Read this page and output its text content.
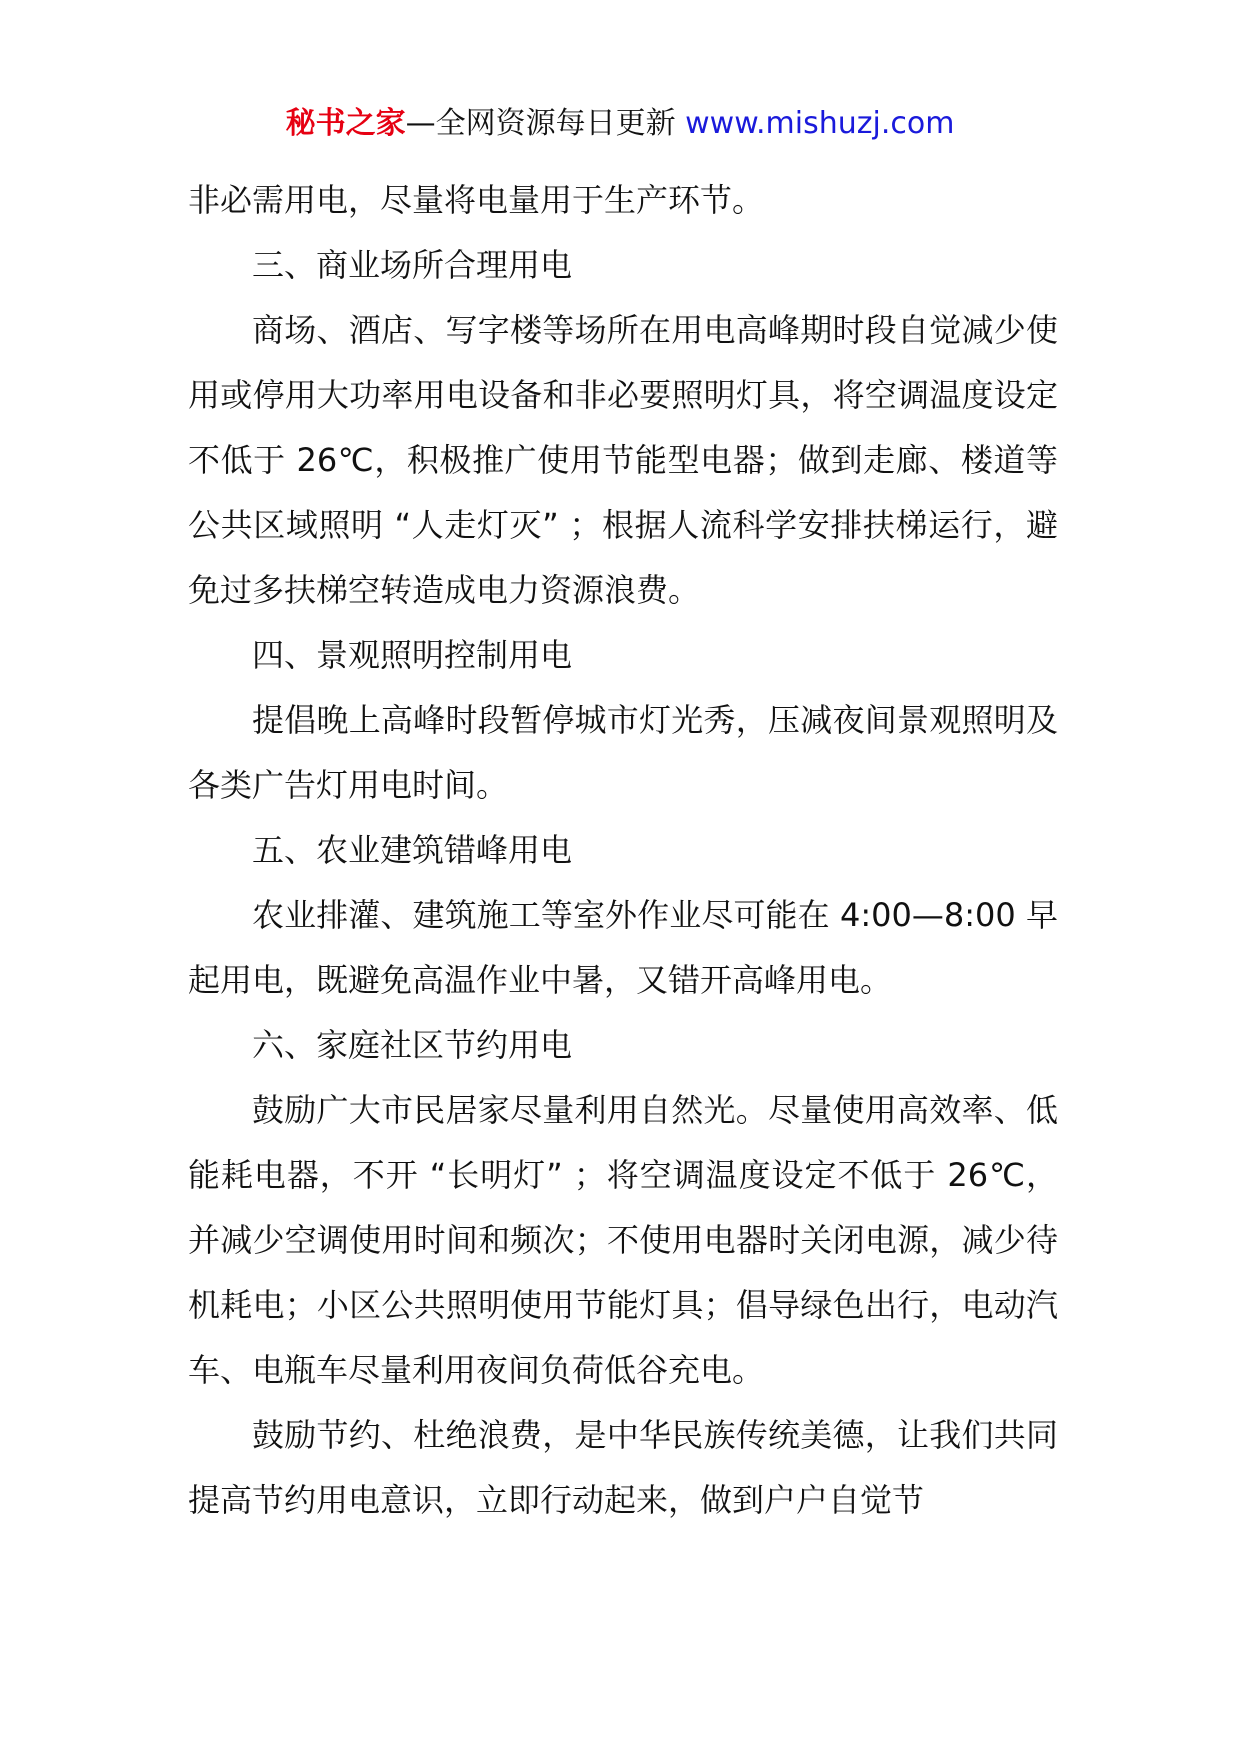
秘书之家—全网资源每日更新 www.mishuzj.com

非必需用电，尽量将电量用于生产环节。

三、商业场所合理用电

商场、酒店、写字楼等场所在用电高峰期时段自觉减少使用或停用大功率用电设备和非必要照明灯具，将空调温度设定不低于 26℃，积极推广使用节能型电器；做到走廊、楼道等公共区域照明 “人走灯灭” ；根据人流科学安排扶梯运行，避免过多扶梯空转造成电力资源浪费。

四、景观照明控制用电

提倡晚上高峰时段暂停城市灯光秀，压减夜间景观照明及各类广告灯用电时间。

五、农业建筑错峰用电

农业排灌、建筑施工等室外作业尽可能在 4:00—8:00 早起用电，既避免高温作业中暑，又错开高峰用电。

六、家庭社区节约用电

鼓励广大市民居家尽量利用自然光。尽量使用高效率、低能耗电器，不开 “长明灯” ；将空调温度设定不低于 26℃，并减少空调使用时间和频次；不使用电器时关闭电源，减少待机耗电；小区公共照明使用节能灯具；倡导绿色出行，电动汽车、电瓶车尽量利用夜间负荷低谷充电。

鼓励节约、杜绝浪费，是中华民族传统美德，让我们共同提高节约用电意识，立即行动起来，做到户户自觉节
